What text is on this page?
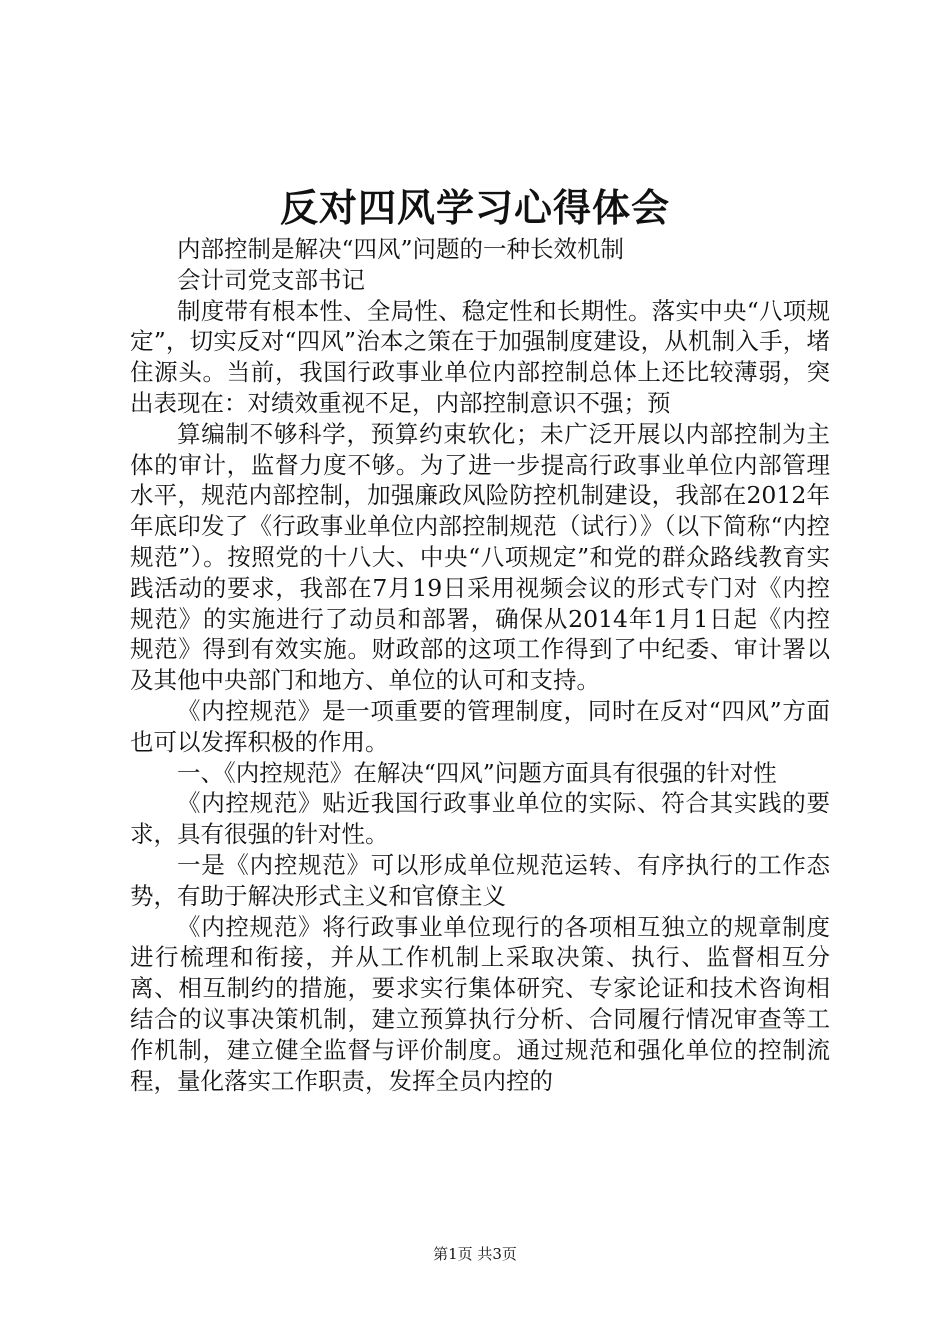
反对四风学习心得体会

内部控制是解决“四风”问题的一种长效机制

会计司党支部书记

制度带有根本性、全局性、稳定性和长期性。落实中央“八项规定”，切实反对“四风”治本之策在于加强制度建设，从机制入手，堵住源头。当前，我国行政事业单位内部控制总体上还比较薄弱，突出表现在：对绩效重视不足，内部控制意识不强；预

算编制不够科学，预算约束软化；未广泛开展以内部控制为主体的审计，监督力度不够。为了进一步提高行政事业单位内部管理水平，规范内部控制，加强廉政风险防控机制建设，我部在2012年年底印发了《行政事业单位内部控制规范（试行）》（以下简称“内控规范”）。按照党的十八大、中央“八项规定”和党的群众路线教育实践活动的要求，我部在7月19日采用视频会议的形式专门对《内控规范》的实施进行了动员和部署，确保从2014年1月1日起《内控规范》得到有效实施。财政部的这项工作得到了中纪委、审计署以及其他中央部门和地方、单位的认可和支持。

《内控规范》是一项重要的管理制度，同时在反对“四风”方面也可以发挥积极的作用。

一、《内控规范》在解决“四风”问题方面具有很强的针对性

《内控规范》贴近我国行政事业单位的实际、符合其实践的要求，具有很强的针对性。

一是《内控规范》可以形成单位规范运转、有序执行的工作态势，有助于解决形式主义和官僚主义

《内控规范》将行政事业单位现行的各项相互独立的规章制度进行梳理和衔接，并从工作机制上采取决策、执行、监督相互分离、相互制约的措施，要求实行集体研究、专家论证和技术咨询相结合的议事决策机制，建立预算执行分析、合同履行情况审查等工作机制，建立健全监督与评价制度。通过规范和强化单位的控制流程，量化落实工作职责，发挥全员内控的

第1页 共3页
